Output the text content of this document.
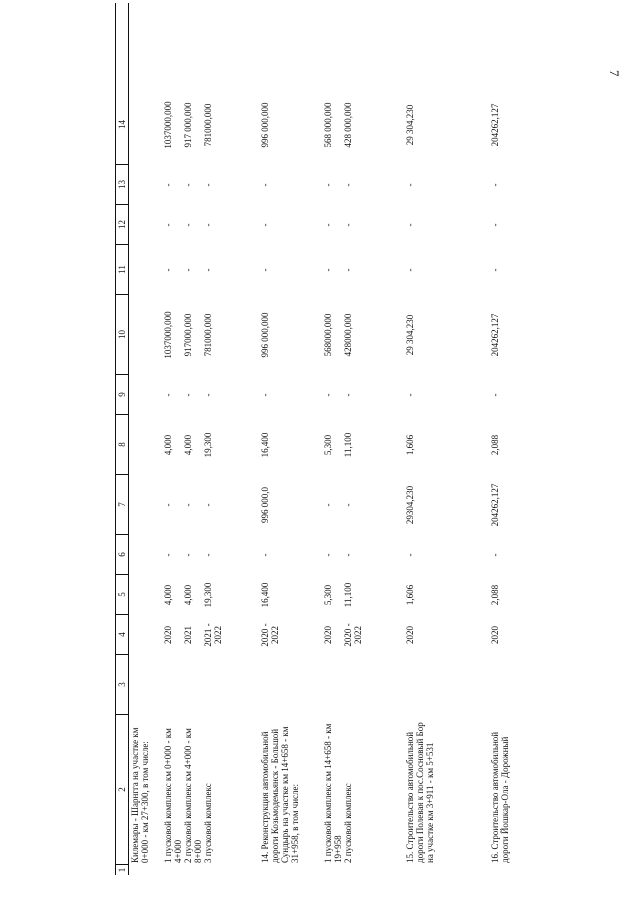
7
1
2
3
4
5
6
7
8
9
10
11
12
13
14
Килемары - Шарнгга на участке км 0+000 - км 27+300, в том числе: 1 пусковой комплекс км 0+000 - км 4+000
2020
4,000
-
-
4,000
-
1037000,000
-
-
-
1037000,000
2 пусковой комплекс км 4+000 - км 8+000
2021
4,000
-
-
4,000
-
917000,000
-
-
-
917 000,000
3 пусковой комплекс
2021 - 2022
19,300
-
-
19,300
-
781000,000
-
-
-
781000,000
14. Реконструкция автомобильной дороги Козьмодемьянск - Большой Сундырь на участке км 14+658 - км 31+958, в том числе:
2020 - 2022
16,400
-
996 000,0
16,400
-
996 000,000
-
-
-
996 000,000
1 пусковой комплекс км 14+658 - км 19+958
2020
5,300
-
-
5,300
-
568000,000
-
-
-
568 000,000
2 пусковой комплекс
2020 - 2022
11,100
-
-
11,100
-
428000,000
-
-
-
428 000,000
15. Строительство автомобильной дороги Полевая к пос.Сосновый Бор на участке км 3+911 - км 5+531
2020
1,606
-
29304,230
1,606
-
29 304,230
-
-
-
29 304,230
16. Строительство автомобильной дороги Йошкар-Ола - Дорожный
2020
2,088
-
204262,127
2,088
-
204262,127
-
-
-
204262,127
